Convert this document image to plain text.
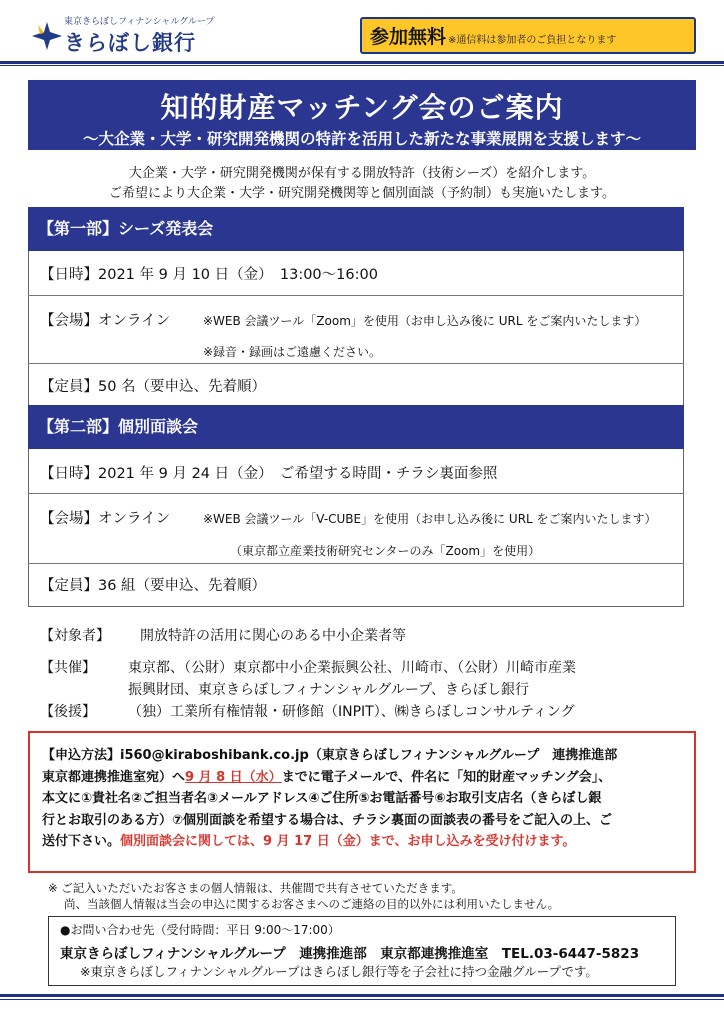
東京きらぼしフィナンシャルグループ
きらぼし銀行	参加無料 ※通信料は参加者のご負担となります
知的財産マッチング会のご案内
～大企業・大学・研究開発機関の特許を活用した新たな事業展開を支援します～
大企業・大学・研究開発機関が保有する開放特許（技術シーズ）を紹介します。
ご希望により大企業・大学・研究開発機関等と個別面談（予約制）も実施いたします。
【第一部】シーズ発表会
【日時】2021 年 9 月 10 日（金）　13:00～16:00
【会場】オンライン	※WEB 会議ツール「Zoom」を使用（お申し込み後に URL をご案内いたします）
※録音・録画はご遠慮ください。
【定員】50 名（要申込、先着順）
【第二部】個別面談会
【日時】2021 年 9 月 24 日（金）　ご希望する時間・チラシ裏面参照
【会場】オンライン	※WEB 会議ツール「V-CUBE」を使用（お申し込み後に URL をご案内いたします）
（東京都立産業技術研究センターのみ「Zoom」を使用）
【定員】36 組（要申込、先着順）
【対象者】 開放特許の活用に関心のある中小企業者等
【共催】 東京都、（公財）東京都中小企業振興公社、川崎市、（公財）川崎市産業
振興財団、東京きらぼしフィナンシャルグループ、きらぼし銀行
【後援】 （独）工業所有権情報・研修館（INPIT）、㈱きらぼしコンサルティング
【申込方法】i560@kiraboshibank.co.jp（東京きらぼしフィナンシャルグループ　連携推進部
東京都連携推進室宛）へ9 月 8 日（水）までに電子メールで、件名に「知的財産マッチング会」、
本文に①貴社名②ご担当者名③メールアドレス④ご住所⑤お電話番号⑥お取引支店名（きらぼし銀
行とお取引のある方）⑦個別面談を希望する場合は、チラシ裏面の面談表の番号をご記入の上、ご
送付下さい。個別面談会に関しては、9 月 17 日（金）まで、お申し込みを受け付けます。
※ ご記入いただいたお客さまの個人情報は、共催間で共有させていただきます。
尚、当該個人情報は当会の申込に関するお客さまへのご連絡の目的以外には利用いたしません。
●お問い合わせ先（受付時間：平日 9:00～17:00）
東京きらぼしフィナンシャルグループ　連携推進部　東京都連携推進室　TEL.03-6447-5823
※東京きらぼしフィナンシャルグループはきらぼし銀行等を子会社に持つ金融グループです。
